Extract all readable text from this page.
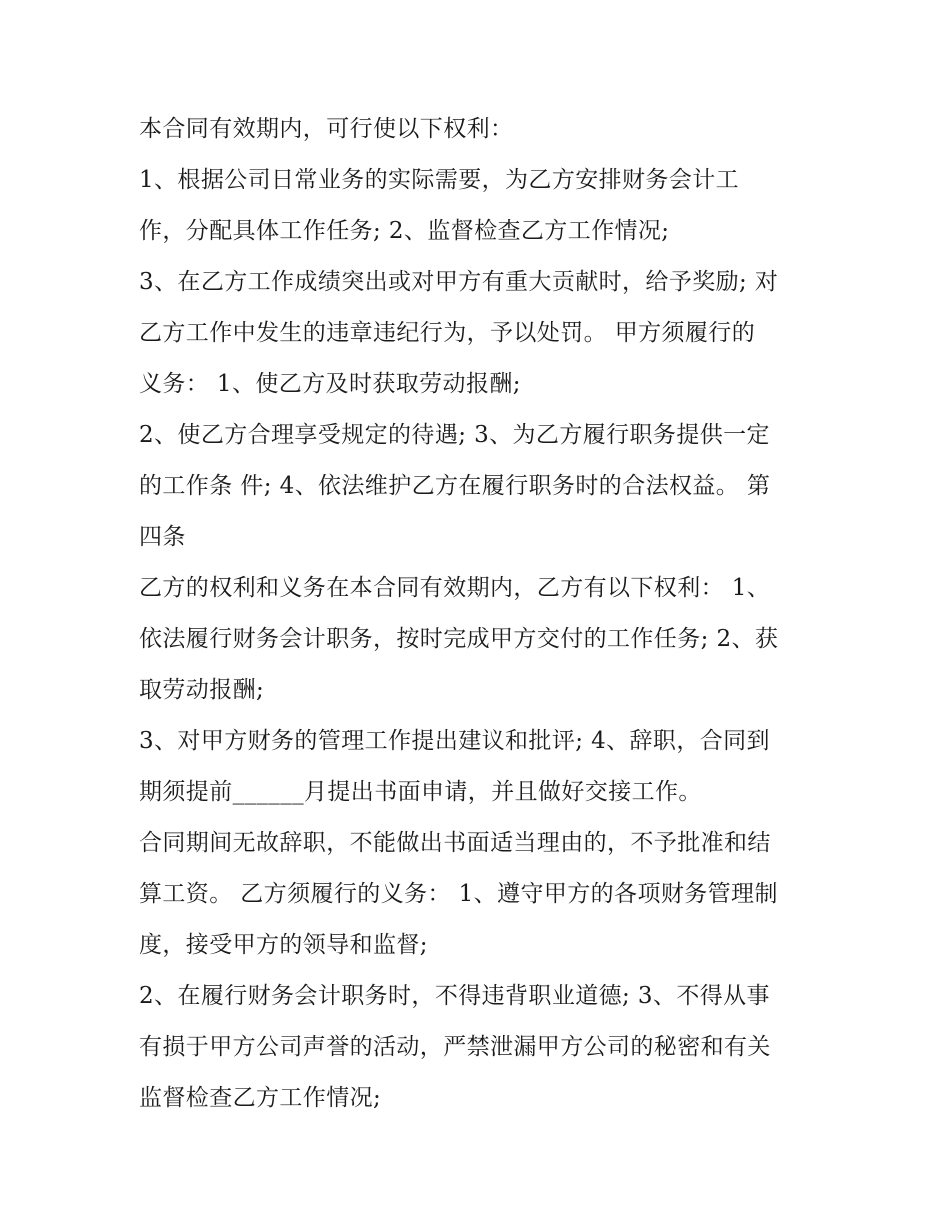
本合同有效期内，可行使以下权利：
1、根据公司日常业务的实际需要，为乙方安排财务会计工
作，分配具体工作任务; 2、监督检查乙方工作情况;
3、在乙方工作成绩突出或对甲方有重大贡献时，给予奖励; 对
乙方工作中发生的违章违纪行为，予以处罚。 甲方须履行的
义务： 1、使乙方及时获取劳动报酬;
2、使乙方合理享受规定的待遇; 3、为乙方履行职务提供一定
的工作条 件; 4、依法维护乙方在履行职务时的合法权益。 第
四条
乙方的权利和义务在本合同有效期内，乙方有以下权利： 1、
依法履行财务会计职务，按时完成甲方交付的工作任务; 2、获
取劳动报酬;
3、对甲方财务的管理工作提出建议和批评; 4、辞职，合同到
期须提前______月提出书面申请，并且做好交接工作。
合同期间无故辞职，不能做出书面适当理由的，不予批准和结
算工资。 乙方须履行的义务： 1、遵守甲方的各项财务管理制
度，接受甲方的领导和监督;
2、在履行财务会计职务时，不得违背职业道德; 3、不得从事
有损于甲方公司声誉的活动，严禁泄漏甲方公司的秘密和有关
监督检查乙方工作情况;
